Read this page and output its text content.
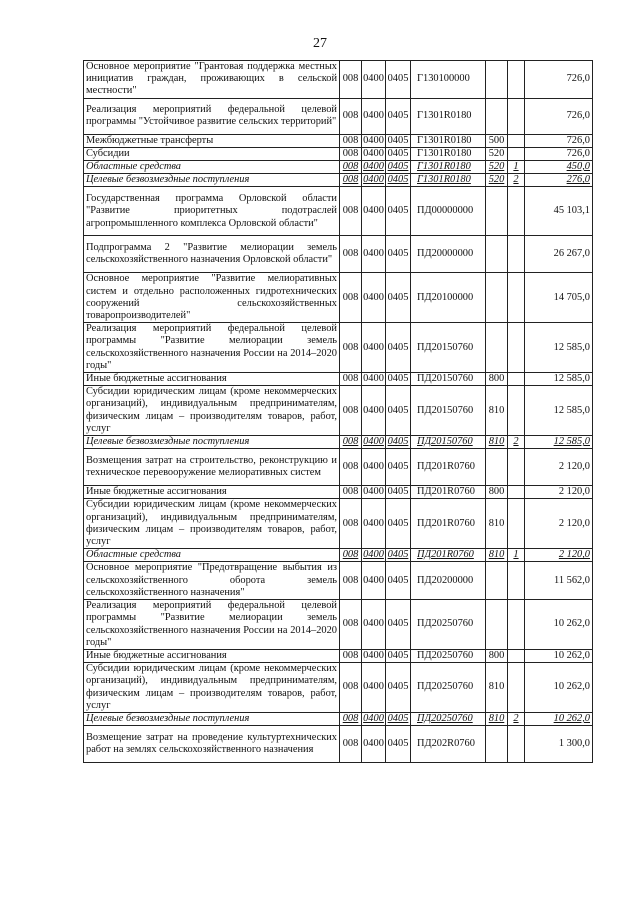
27
Основное мероприятие "Грантовая поддержка местных инициатив граждан, проживающих в сельской местности"	008	0400	0405	Г130100000			726,0
Реализация мероприятий федеральной целевой программы "Устойчивое развитие сельских территорий"	008	0400	0405	Г1301R0180			726,0
Межбюджетные трансферты	008	0400	0405	Г1301R0180	500		726,0
Субсидии	008	0400	0405	Г1301R0180	520		726,0
Областные средства	008	0400	0405	Г1301R0180	520	1	450,0
Целевые безвозмездные поступления	008	0400	0405	Г1301R0180	520	2	276,0
Государственная программа Орловской области "Развитие приоритетных подотраслей агропромышленного комплекса Орловской области"	008	0400	0405	ПД00000000			45 103,1
Подпрограмма 2 "Развитие мелиорации земель сельскохозяйственного назначения Орловской области"	008	0400	0405	ПД20000000			26 267,0
Основное мероприятие "Развитие мелиоративных систем и отдельно расположенных гидротехнических сооружений сельскохозяйственных товаропроизводителей"	008	0400	0405	ПД20100000			14 705,0
Реализация мероприятий федеральной целевой программы "Развитие мелиорации земель сельскохозяйственного назначения России на 2014–2020 годы"	008	0400	0405	ПД20150760			12 585,0
Иные бюджетные ассигнования	008	0400	0405	ПД20150760	800		12 585,0
Субсидии юридическим лицам (кроме некоммерческих организаций), индивидуальным предпринимателям, физическим лицам – производителям товаров, работ, услуг	008	0400	0405	ПД20150760	810		12 585,0
Целевые безвозмездные поступления	008	0400	0405	ПД20150760	810	2	12 585,0
Возмещения затрат на строительство, реконструкцию и техническое перевооружение мелиоративных систем	008	0400	0405	ПД201R0760			2 120,0
Иные бюджетные ассигнования	008	0400	0405	ПД201R0760	800		2 120,0
Субсидии юридическим лицам (кроме некоммерческих организаций), индивидуальным предпринимателям, физическим лицам – производителям товаров, работ, услуг	008	0400	0405	ПД201R0760	810		2 120,0
Областные средства	008	0400	0405	ПД201R0760	810	1	2 120,0
Основное мероприятие "Предотвращение выбытия из сельскохозяйственного оборота земель сельскохозяйственного назначения"	008	0400	0405	ПД20200000			11 562,0
Реализация мероприятий федеральной целевой программы "Развитие мелиорации земель сельскохозяйственного назначения России на 2014–2020 годы"	008	0400	0405	ПД20250760			10 262,0
Иные бюджетные ассигнования	008	0400	0405	ПД20250760	800		10 262,0
Субсидии юридическим лицам (кроме некоммерческих организаций), индивидуальным предпринимателям, физическим лицам – производителям товаров, работ, услуг	008	0400	0405	ПД20250760	810		10 262,0
Целевые безвозмездные поступления	008	0400	0405	ПД20250760	810	2	10 262,0
Возмещение затрат на проведение культуртехнических работ на землях сельскохозяйственного назначения	008	0400	0405	ПД202R0760			1 300,0
